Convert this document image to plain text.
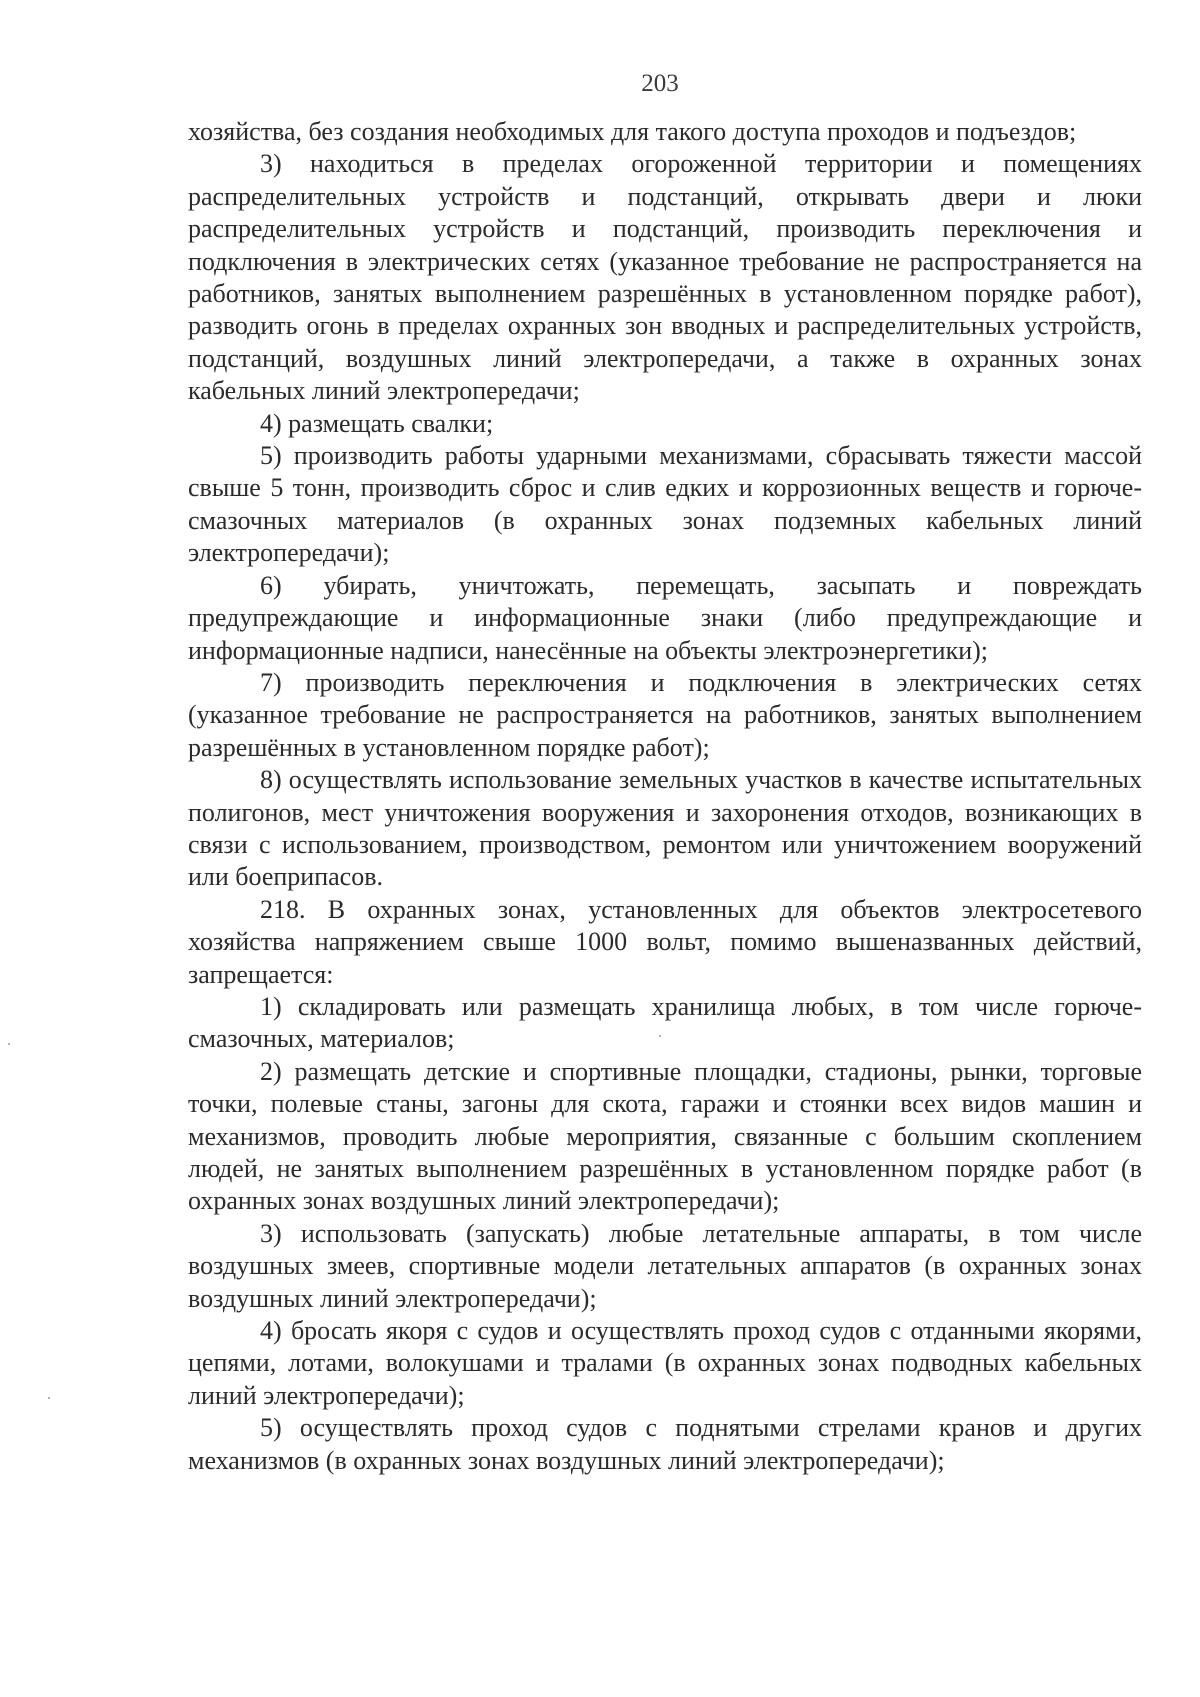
203

хозяйства, без создания необходимых для такого доступа проходов и подъездов;

3) находиться в пределах огороженной территории и помещениях распределительных устройств и подстанций, открывать двери и люки распределительных устройств и подстанций, производить переключения и подключения в электрических сетях (указанное требование не распространяется на работников, занятых выполнением разрешённых в установленном порядке работ), разводить огонь в пределах охранных зон вводных и распределительных устройств, подстанций, воздушных линий электропередачи, а также в охранных зонах кабельных линий электропередачи;

4) размещать свалки;

5) производить работы ударными механизмами, сбрасывать тяжести массой свыше 5 тонн, производить сброс и слив едких и коррозионных веществ и горюче-смазочных материалов (в охранных зонах подземных кабельных линий электропередачи);

6) убирать, уничтожать, перемещать, засыпать и повреждать предупреждающие и информационные знаки (либо предупреждающие и информационные надписи, нанесённые на объекты электроэнергетики);

7) производить переключения и подключения в электрических сетях (указанное требование не распространяется на работников, занятых выполнением разрешённых в установленном порядке работ);

8) осуществлять использование земельных участков в качестве испытательных полигонов, мест уничтожения вооружения и захоронения отходов, возникающих в связи с использованием, производством, ремонтом или уничтожением вооружений или боеприпасов.

218. В охранных зонах, установленных для объектов электросетевого хозяйства напряжением свыше 1000 вольт, помимо вышеназванных действий, запрещается:

1) складировать или размещать хранилища любых, в том числе горюче-смазочных, материалов;

2) размещать детские и спортивные площадки, стадионы, рынки, торговые точки, полевые станы, загоны для скота, гаражи и стоянки всех видов машин и механизмов, проводить любые мероприятия, связанные с большим скоплением людей, не занятых выполнением разрешённых в установленном порядке работ (в охранных зонах воздушных линий электропередачи);

3) использовать (запускать) любые летательные аппараты, в том числе воздушных змеев, спортивные модели летательных аппаратов (в охранных зонах воздушных линий электропередачи);

4) бросать якоря с судов и осуществлять проход судов с отданными якорями, цепями, лотами, волокушами и тралами (в охранных зонах подводных кабельных линий электропередачи);

5) осуществлять проход судов с поднятыми стрелами кранов и других механизмов (в охранных зонах воздушных линий электропередачи);
